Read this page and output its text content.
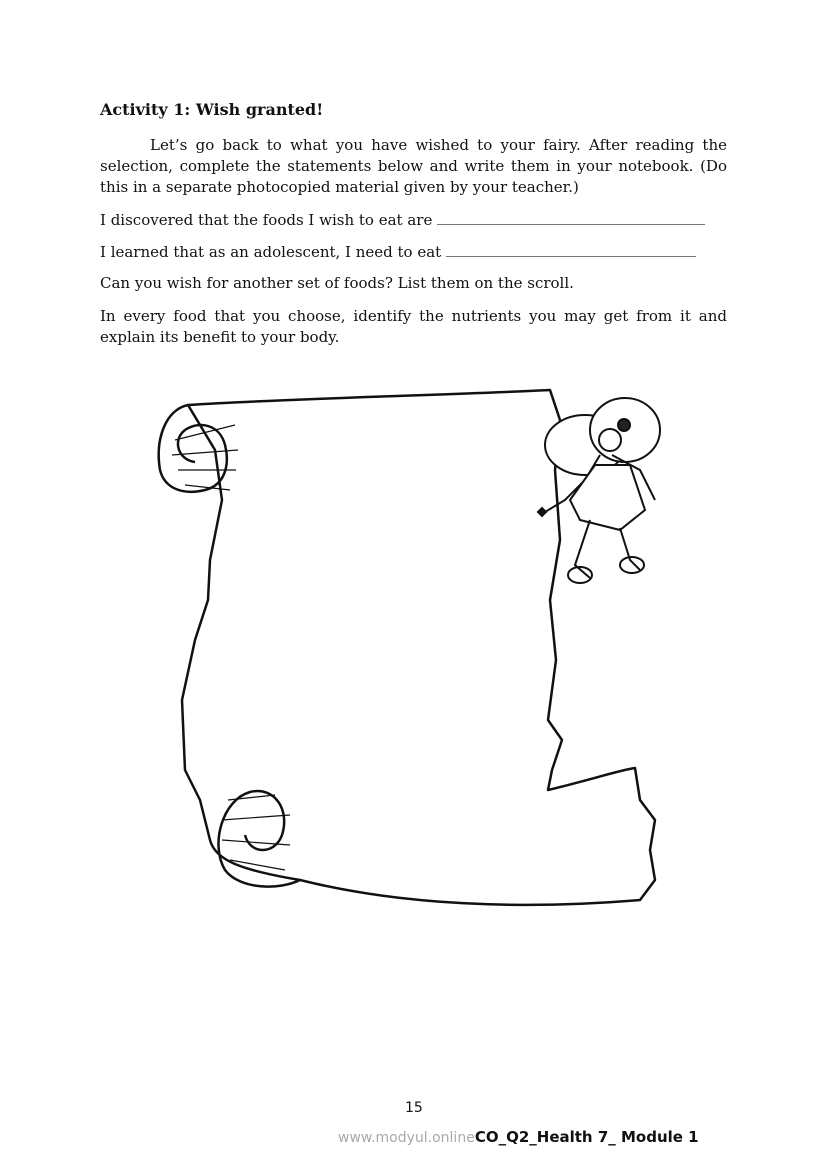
Activity 1: Wish granted!
Let’s go back to what you have wished to your fairy. After reading the selection, complete the statements below and write them in your notebook. (Do this in a separate photocopied material given by your teacher.)
I discovered that the foods I wish to eat are
I learned that as an adolescent, I need to eat
Can you wish for another set of foods? List them on the scroll.
In every food that you choose, identify the nutrients you may get from it and explain its benefit to your body.
15
www.modyul.onlineCO_Q2_Health 7_ Module 1
